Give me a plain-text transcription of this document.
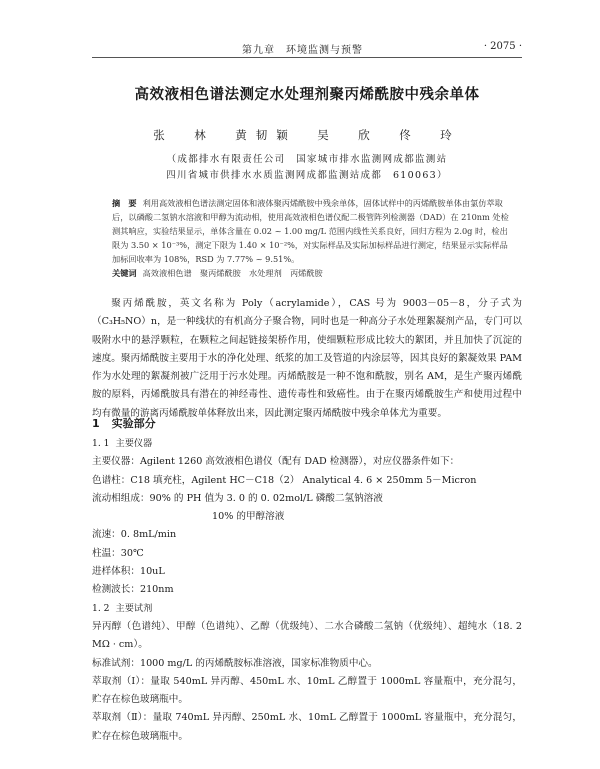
第九章　环境监测与预警	· 2075 ·
高效液相色谱法测定水处理剂聚丙烯酰胺中残余单体
张　林　黄韧颖　吴　欣　佟　玲
（成都排水有限责任公司　国家城市排水监测网成都监测站
四川省城市供排水水质监测网成都监测站成都　610063）

摘　要 利用高效液相色谱法测定固体和液体聚丙烯酰胺中残余单体，固体试样中的丙烯酰胺单体由氯仿萃取后，以磷酸二氢钠水溶液和甲醇为流动相，使用高效液相色谱仪配二极管阵列检测器（DAD）在 210nm 处检测其响应，实验结果显示，单体含量在 0.02 ~ 1.00 mg/L 范围内线性关系良好，回归方程为 2.0g 时，检出限为 3.50 × 10⁻³%，测定下限为 1.40 × 10⁻²%，对实际样品及实际加标样品进行测定，结果显示实际样品加标回收率为 108%，RSD 为 7.77% ~ 9.51%。

关键词 高效液相色谱　聚丙烯酰胺　水处理剂　丙烯酰胺

聚丙烯酰胺，英文名称为 Poly（acrylamide），CAS 号为 9003－05－8，分子式为（C₃H₅NO）n，是一种线状的有机高分子聚合物，同时也是一种高分子水处理絮凝剂产品，专门可以吸附水中的悬浮颗粒，在颗粒之间起链接架桥作用，使细颗粒形成比较大的絮团，并且加快了沉淀的速度。聚丙烯酰胺主要用于水的净化处理、纸浆的加工及管道的内涂层等，因其良好的絮凝效果 PAM 作为水处理的絮凝剂被广泛用于污水处理。丙烯酰胺是一种不饱和酰胺，别名 AM，是生产聚丙烯酰胺的原料，丙烯酰胺具有潜在的神经毒性、遗传毒性和致癌性。由于在聚丙烯酰胺生产和使用过程中均有微量的游离丙烯酰胺单体释放出来，因此测定聚丙烯酰胺中残余单体尤为重要。

1 实验部分
1. 1 主要仪器
主要仪器：Agilent 1260 高效液相色谱仪（配有 DAD 检测器），对应仪器条件如下：
色谱柱：C18 填充柱，Agilent HC－C18（2） Analytical 4. 6 × 250mm 5－Micron
流动相组成：90% 的 PH 值为 3. 0 的 0. 02mol/L 磷酸二氢钠溶液
10% 的甲醇溶液
流速：0. 8mL/min
柱温：30℃
进样体积：10uL
检测波长：210nm
1. 2 主要试剂
异丙醇（色谱纯）、甲醇（色谱纯）、乙醇（优级纯）、二水合磷酸二氢钠（优级纯）、超纯水（18. 2 MΩ · cm）。
标准试剂：1000 mg/L 的丙烯酰胺标准溶液，国家标准物质中心。
萃取剂（Ⅰ）：量取 540mL 异丙醇、450mL 水、10mL 乙醇置于 1000mL 容量瓶中，充分混匀，贮存在棕色玻璃瓶中。
萃取剂（Ⅱ）：量取 740mL 异丙醇、250mL 水、10mL 乙醇置于 1000mL 容量瓶中，充分混匀，贮存在棕色玻璃瓶中。
